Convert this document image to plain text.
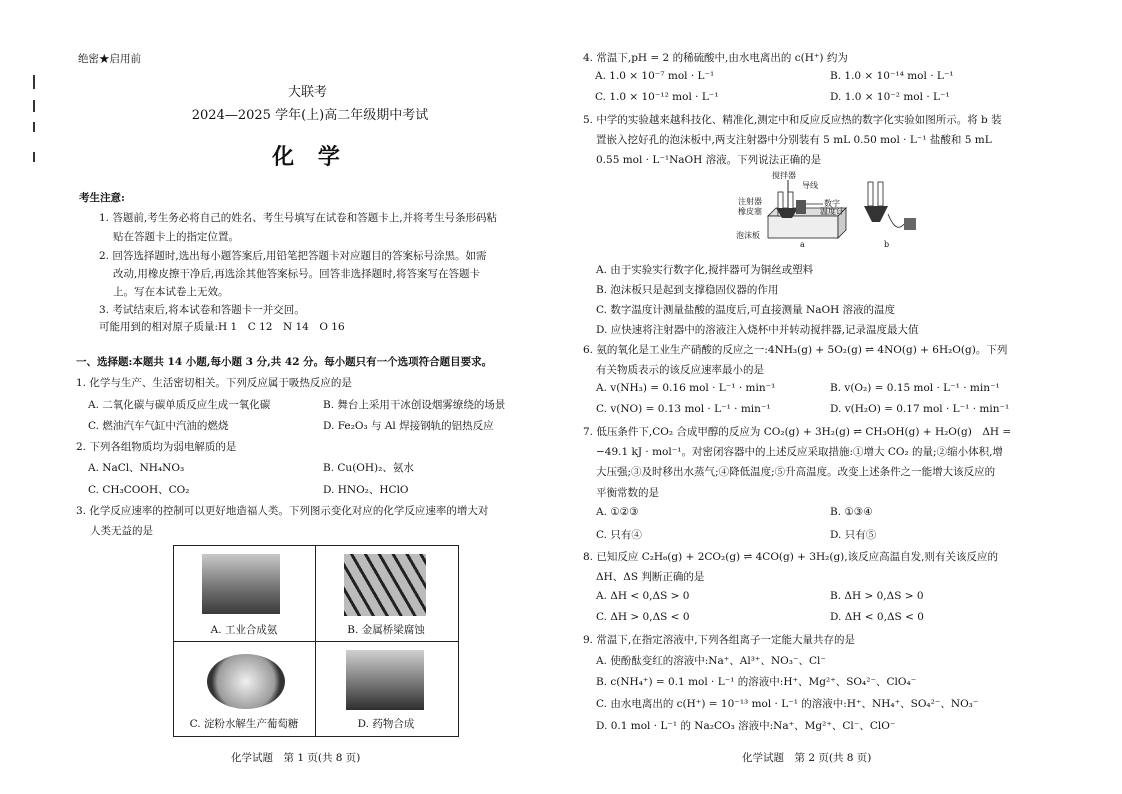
绝密★启用前
大联考
2024—2025 学年(上)高二年级期中考试
化 学
考生注意:
1. 答题前,考生务必将自己的姓名、考生号填写在试卷和答题卡上,并将考生号条形码粘
贴在答题卡上的指定位置。
2. 回答选择题时,选出每小题答案后,用铅笔把答题卡对应题目的答案标号涂黑。如需
改动,用橡皮擦干净后,再选涂其他答案标号。回答非选择题时,将答案写在答题卡
上。写在本试卷上无效。
3. 考试结束后,将本试卷和答题卡一并交回。
可能用到的相对原子质量:H 1　C 12　N 14　O 16
一、选择题:本题共 14 小题,每小题 3 分,共 42 分。每小题只有一个选项符合题目要求。
1. 化学与生产、生活密切相关。下列反应属于吸热反应的是
A. 二氧化碳与碳单质反应生成一氧化碳	B. 舞台上采用干冰创设烟雾缭绕的场景
C. 燃油汽车气缸中汽油的燃烧	D. Fe₂O₃ 与 Al 焊接钢轨的铝热反应
2. 下列各组物质均为弱电解质的是
A. NaCl、NH₄NO₃	B. Cu(OH)₂、氨水
C. CH₃COOH、CO₂	D. HNO₂、HClO
3. 化学反应速率的控制可以更好地造福人类。下列图示变化对应的化学反应速率的增大对
人类无益的是
A. 工业合成氨	B. 金属桥梁腐蚀
C. 淀粉水解生产葡萄糖	D. 药物合成
化学试题　第 1 页(共 8 页)
4. 常温下,pH = 2 的稀硫酸中,由水电离出的 c(H⁺) 约为
A. 1.0 × 10⁻⁷ mol · L⁻¹	B. 1.0 × 10⁻¹⁴ mol · L⁻¹
C. 1.0 × 10⁻¹² mol · L⁻¹	D. 1.0 × 10⁻² mol · L⁻¹
5. 中学的实验越来越科技化、精准化,测定中和反应反应热的数字化实验如图所示。将 b 装
置嵌入挖好孔的泡沫板中,两支注射器中分别装有 5 mL 0.50 mol · L⁻¹ 盐酸和 5 mL
0.55 mol · L⁻¹NaOH 溶液。下列说法正确的是
搅拌器
导线
注射器
橡皮塞
数字
温度计
泡沫板
a	b
A. 由于实验实行数字化,搅拌器可为铜丝或塑料
B. 泡沫板只是起到支撑稳固仪器的作用
C. 数字温度计测量盐酸的温度后,可直接测量 NaOH 溶液的温度
D. 应快速将注射器中的溶液注入烧杯中并转动搅拌器,记录温度最大值
6. 氨的氧化是工业生产硝酸的反应之一:4NH₃(g) + 5O₂(g) ⇌ 4NO(g) + 6H₂O(g)。下列
有关物质表示的该反应速率最小的是
A. v(NH₃) = 0.16 mol · L⁻¹ · min⁻¹	B. v(O₂) = 0.15 mol · L⁻¹ · min⁻¹
C. v(NO) = 0.13 mol · L⁻¹ · min⁻¹	D. v(H₂O) = 0.17 mol · L⁻¹ · min⁻¹
7. 低压条件下,CO₂ 合成甲醇的反应为 CO₂(g) + 3H₂(g) ⇌ CH₃OH(g) + H₂O(g)　ΔH =
−49.1 kJ · mol⁻¹。对密闭容器中的上述反应采取措施:①增大 CO₂ 的量;②缩小体积,增
大压强;③及时移出水蒸气;④降低温度;⑤升高温度。改变上述条件之一能增大该反应的
平衡常数的是
A. ①②③	B. ①③④
C. 只有④	D. 只有⑤
8. 已知反应 C₂H₆(g) + 2CO₂(g) ⇌ 4CO(g) + 3H₂(g),该反应高温自发,则有关该反应的
ΔH、ΔS 判断正确的是
A. ΔH < 0,ΔS > 0	B. ΔH > 0,ΔS > 0
C. ΔH > 0,ΔS < 0	D. ΔH < 0,ΔS < 0
9. 常温下,在指定溶液中,下列各组离子一定能大量共存的是
A. 使酚酞变红的溶液中:Na⁺、Al³⁺、NO₃⁻、Cl⁻
B. c(NH₄⁺) = 0.1 mol · L⁻¹ 的溶液中:H⁺、Mg²⁺、SO₄²⁻、ClO₄⁻
C. 由水电离出的 c(H⁺) = 10⁻¹³ mol · L⁻¹ 的溶液中:H⁺、NH₄⁺、SO₄²⁻、NO₃⁻
D. 0.1 mol · L⁻¹ 的 Na₂CO₃ 溶液中:Na⁺、Mg²⁺、Cl⁻、ClO⁻
化学试题　第 2 页(共 8 页)
